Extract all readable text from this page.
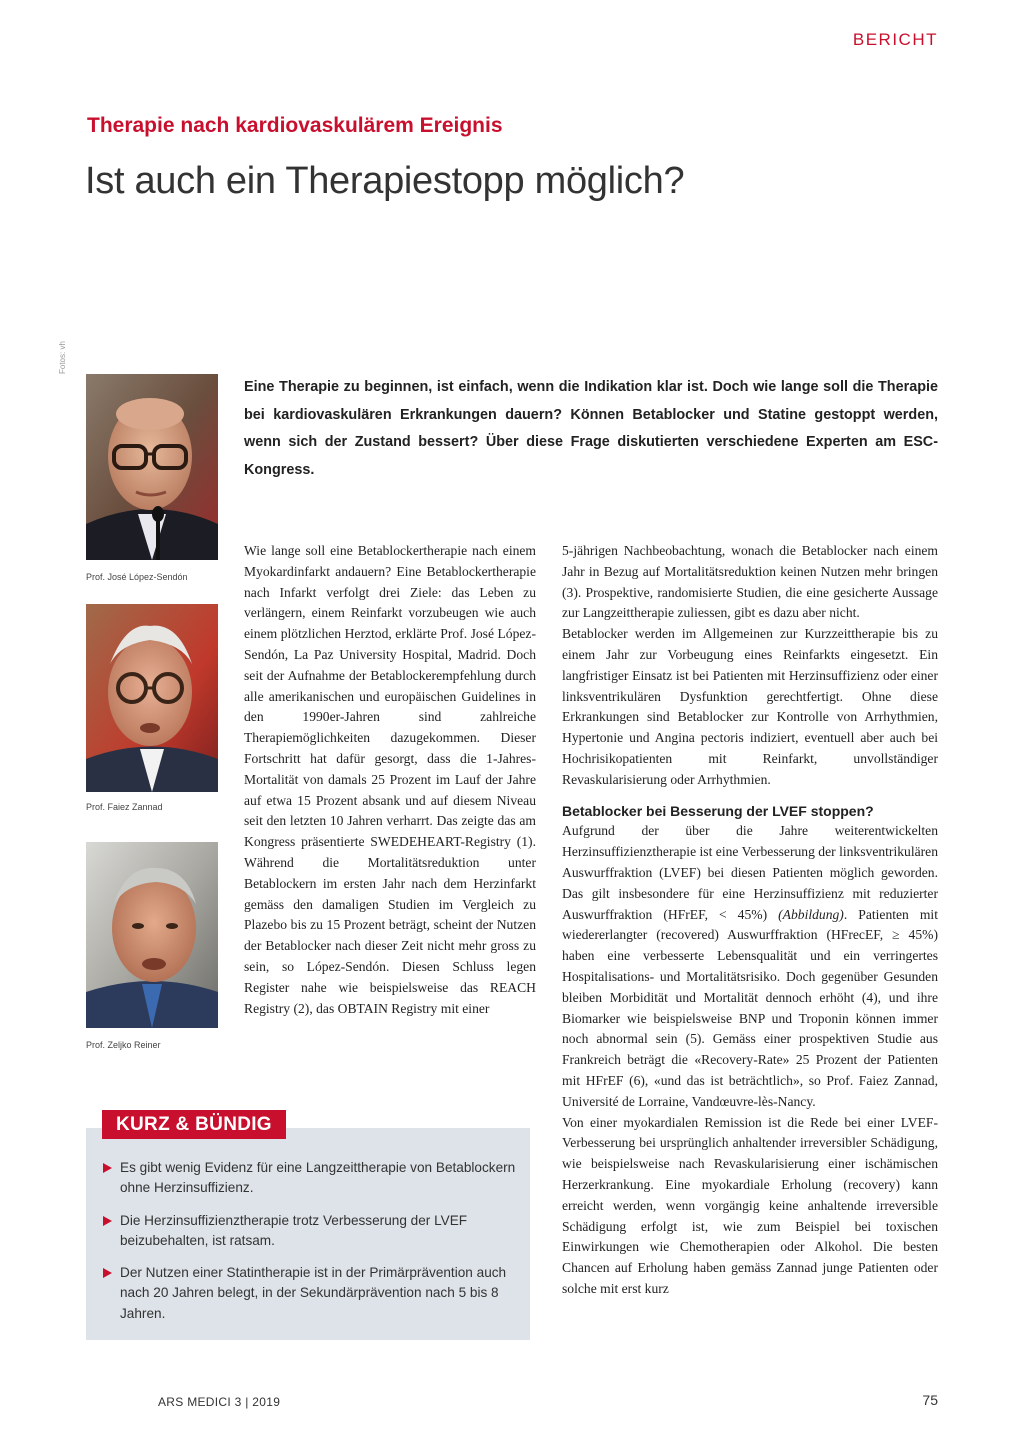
BERICHT
Therapie nach kardiovaskulärem Ereignis
Ist auch ein Therapiestopp möglich?
Fotos: vh
Prof. José López-Sendón
Prof. Faiez Zannad
Prof. Zeljko Reiner

Eine Therapie zu beginnen, ist einfach, wenn die Indikation klar ist. Doch wie lange soll die Therapie bei kardiovaskulären Erkrankungen dauern? Können Betablocker und Statine gestoppt werden, wenn sich der Zustand bessert? Über diese Frage diskutierten verschiedene Experten am ESC-Kongress.

Wie lange soll eine Betablockertherapie nach einem Myokardinfarkt andauern? Eine Betablockertherapie nach Infarkt verfolgt drei Ziele: das Leben zu verlängern, einem Reinfarkt vorzubeugen wie auch einem plötzlichen Herztod, erklärte Prof. José López-Sendón, La Paz University Hospital, Madrid. Doch seit der Aufnahme der Betablockerempfehlung durch alle amerikanischen und europäischen Guidelines in den 1990er-Jahren sind zahlreiche Therapiemöglichkeiten dazugekommen. Dieser Fortschritt hat dafür gesorgt, dass die 1-Jahres-Mortalität von damals 25 Prozent im Lauf der Jahre auf etwa 15 Prozent absank und auf diesem Niveau seit den letzten 10 Jahren verharrt. Das zeigte das am Kongress präsentierte SWEDEHEART-Registry (1). Während die Mortalitätsreduktion unter Betablockern im ersten Jahr nach dem Herzinfarkt gemäss den damaligen Studien im Vergleich zu Plazebo bis zu 15 Prozent beträgt, scheint der Nutzen der Betablocker nach dieser Zeit nicht mehr gross zu sein, so López-Sendón. Diesen Schluss legen Register nahe wie beispielsweise das REACH Registry (2), das OBTAIN Registry mit einer

5-jährigen Nachbeobachtung, wonach die Betablocker nach einem Jahr in Bezug auf Mortalitätsreduktion keinen Nutzen mehr bringen (3). Prospektive, randomisierte Studien, die eine gesicherte Aussage zur Langzeittherapie zuliessen, gibt es dazu aber nicht.

Betablocker werden im Allgemeinen zur Kurzzeittherapie bis zu einem Jahr zur Vorbeugung eines Reinfarkts eingesetzt. Ein langfristiger Einsatz ist bei Patienten mit Herzinsuffizienz oder einer linksventrikulären Dysfunktion gerechtfertigt. Ohne diese Erkrankungen sind Betablocker zur Kontrolle von Arrhythmien, Hypertonie und Angina pectoris indiziert, eventuell aber auch bei Hochrisikopatienten mit Reinfarkt, unvollständiger Revaskularisierung oder Arrhythmien.

Betablocker bei Besserung der LVEF stoppen?

Aufgrund der über die Jahre weiterentwickelten Herzinsuffizienztherapie ist eine Verbesserung der linksventrikulären Auswurffraktion (LVEF) bei diesen Patienten möglich geworden. Das gilt insbesondere für eine Herzinsuffizienz mit reduzierter Auswurffraktion (HFrEF, < 45%) (Abbildung). Patienten mit wiedererlangter (recovered) Auswurffraktion (HFrecEF, ≥ 45%) haben eine verbesserte Lebensqualität und ein verringertes Hospitalisations- und Mortalitätsrisiko. Doch gegenüber Gesunden bleiben Morbidität und Mortalität dennoch erhöht (4), und ihre Biomarker wie beispielsweise BNP und Troponin können immer noch abnormal sein (5). Gemäss einer prospektiven Studie aus Frankreich beträgt die «Recovery-Rate» 25 Prozent der Patienten mit HFrEF (6), «und das ist beträchtlich», so Prof. Faiez Zannad, Université de Lorraine, Vandœuvre-lès-Nancy.

Von einer myokardialen Remission ist die Rede bei einer LVEF-Verbesserung bei ursprünglich anhaltender irreversibler Schädigung, wie beispielsweise nach Revaskularisierung einer ischämischen Herzerkrankung. Eine myokardiale Erholung (recovery) kann erreicht werden, wenn vorgängig keine anhaltende irreversible Schädigung erfolgt ist, wie zum Beispiel bei toxischen Einwirkungen wie Chemotherapien oder Alkohol. Die besten Chancen auf Erholung haben gemäss Zannad junge Patienten oder solche mit erst kurz

KURZ & BÜNDIG
Es gibt wenig Evidenz für eine Langzeittherapie von Betablockern ohne Herzinsuffizienz.
Die Herzinsuffizienztherapie trotz Verbesserung der LVEF beizubehalten, ist ratsam.
Der Nutzen einer Statintherapie ist in der Primärprävention auch nach 20 Jahren belegt, in der Sekundärprävention nach 5 bis 8 Jahren.
ARS MEDICI 3 | 2019	75
